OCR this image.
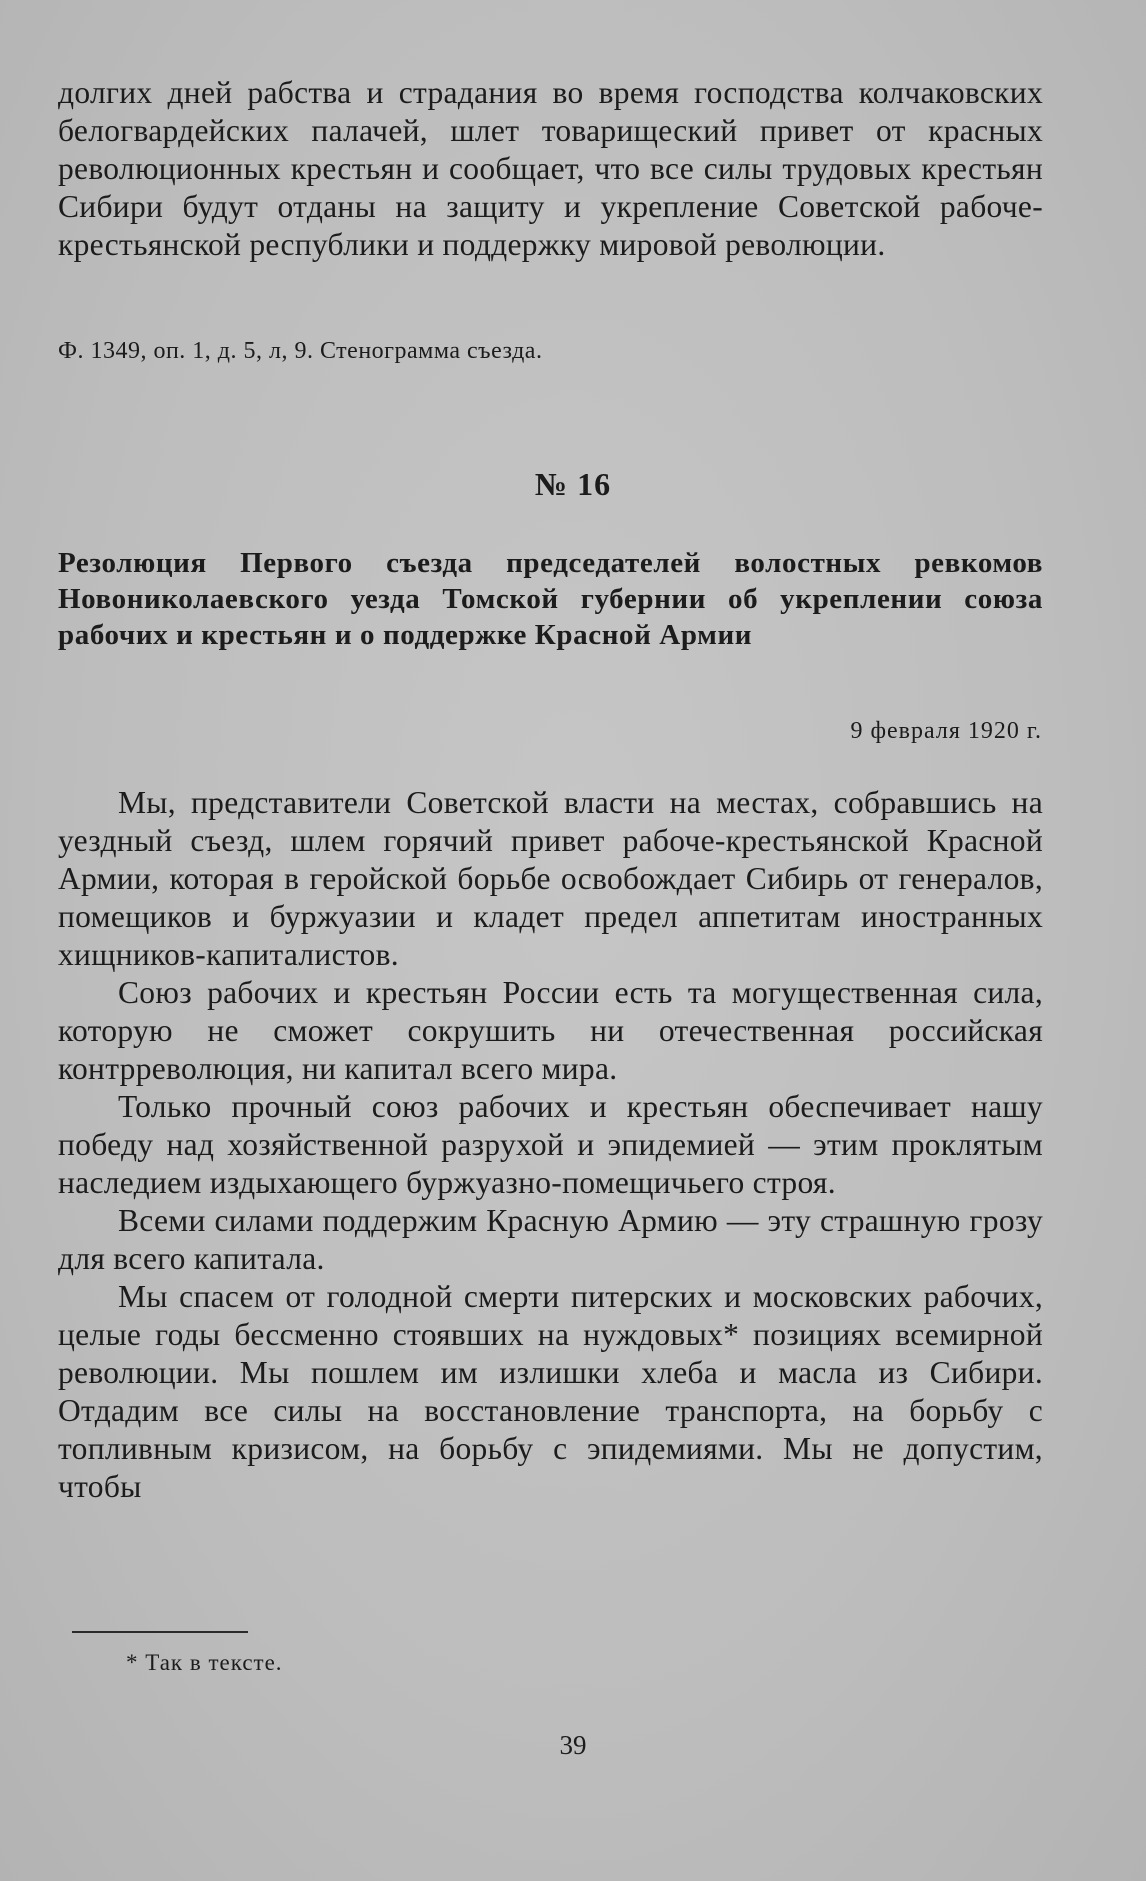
долгих дней рабства и страдания во время господства колчаковских белогвардейских палачей, шлет товарищеский привет от красных революционных крестьян и сообщает, что все силы трудовых крестьян Сибири будут отданы на защиту и укрепление Советской рабоче-крестьянской республики и поддержку мировой революции.

Ф. 1349, оп. 1, д. 5, л, 9. Стенограмма съезда.
№ 16
Резолюция Первого съезда председателей волостных ревкомов Новониколаевского уезда Томской губернии об укреплении союза рабочих и крестьян и о поддержке Красной Армии
9 февраля 1920 г.

Мы, представители Советской власти на местах, собравшись на уездный съезд, шлем горячий привет рабоче-крестьянской Красной Армии, которая в геройской борьбе освобождает Сибирь от генералов, помещиков и буржуазии и кладет предел аппетитам иностранных хищников-капиталистов.

Союз рабочих и крестьян России есть та могущественная сила, которую не сможет сокрушить ни отечественная российская контрреволюция, ни капитал всего мира.

Только прочный союз рабочих и крестьян обеспечивает нашу победу над хозяйственной разрухой и эпидемией — этим проклятым наследием издыхающего буржуазно-помещичьего строя.

Всеми силами поддержим Красную Армию — эту страшную грозу для всего капитала.

Мы спасем от голодной смерти питерских и московских рабочих, целые годы бессменно стоявших на нуждовых* позициях всемирной революции. Мы пошлем им излишки хлеба и масла из Сибири. Отдадим все силы на восстановление транспорта, на борьбу с топливным кризисом, на борьбу с эпидемиями. Мы не допустим, чтобы

* Так в тексте.
39
